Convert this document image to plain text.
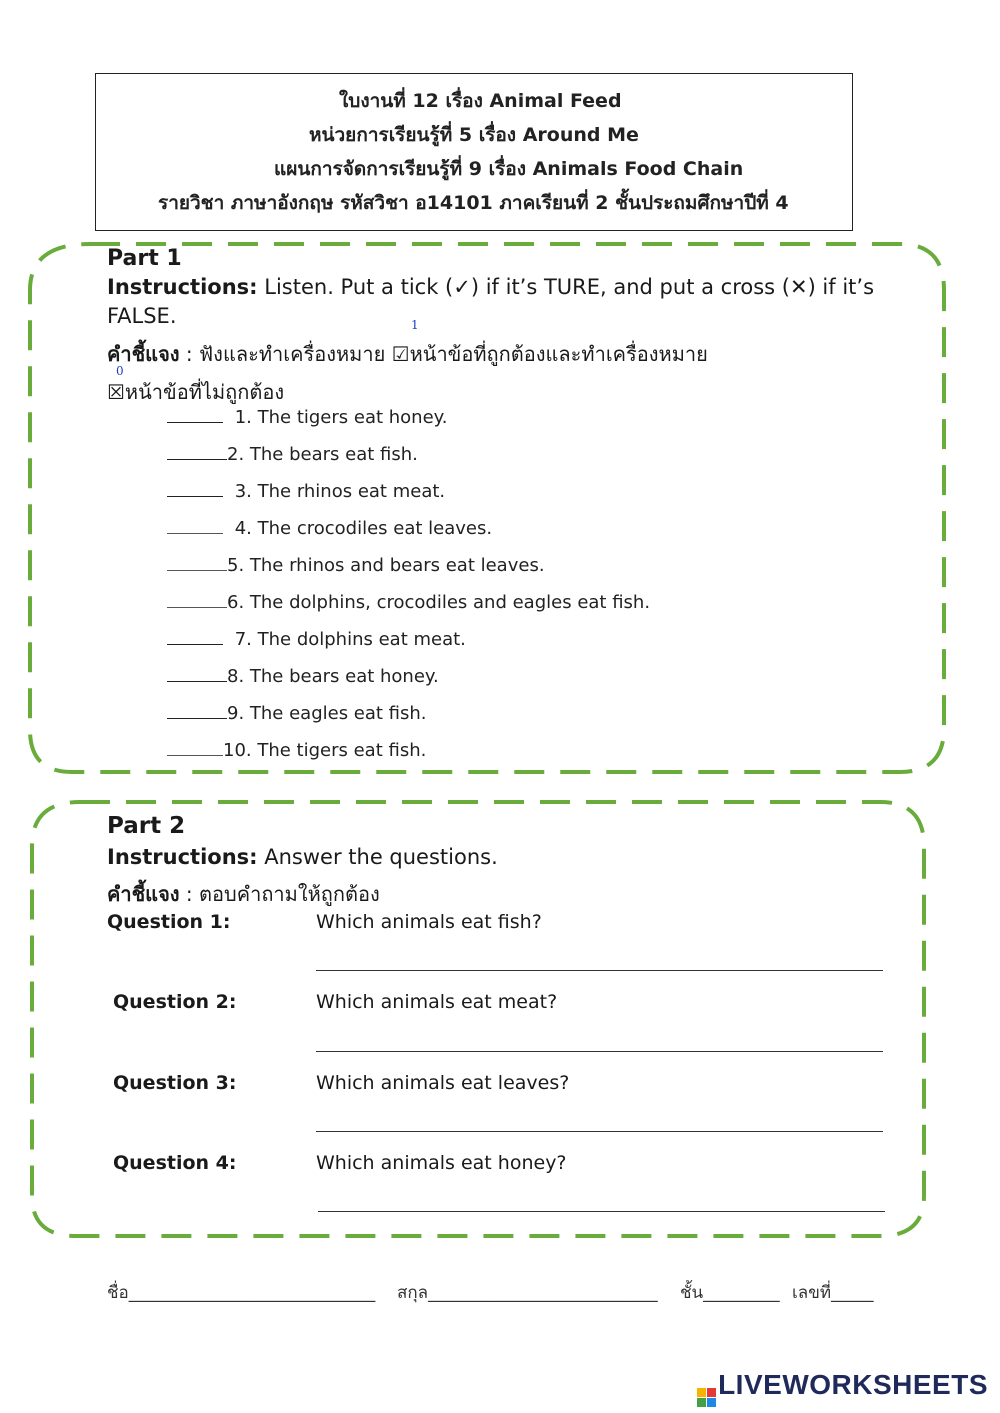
ใบงานที่ 12 เรื่อง Animal Feed
หน่วยการเรียนรู้ที่ 5 เรื่อง Around Me
แผนการจัดการเรียนรู้ที่ 9 เรื่อง Animals Food Chain
รายวิชา ภาษาอังกฤษ รหัสวิชา อ14101 ภาคเรียนที่ 2 ชั้นประถมศึกษาปีที่ 4
Part 1
Instructions: Listen. Put a tick (✓) if it’s TURE, and put a cross (✕) if it’s
FALSE.	1
คำชี้แจง : ฟังและทำเครื่องหมาย ☑หน้าข้อที่ถูกต้องและทำเครื่องหมาย
0
☒หน้าข้อที่ไม่ถูกต้อง
1. The tigers eat honey.
2. The bears eat fish.
3. The rhinos eat meat.
4. The crocodiles eat leaves.
5. The rhinos and bears eat leaves.
6. The dolphins, crocodiles and eagles eat fish.
7. The dolphins eat meat.
8. The bears eat honey.
9. The eagles eat fish.
10. The tigers eat fish.
Part 2
Instructions: Answer the questions.
คำชี้แจง : ตอบคำถามให้ถูกต้อง
Question 1:	Which animals eat fish?
Question 2:	Which animals eat meat?
Question 3:	Which animals eat leaves?
Question 4:	Which animals eat honey?
ชื่อ_____________________________ สกุล___________________________ ชั้น_________ เลขที่_____
LIVEWORKSHEETS
